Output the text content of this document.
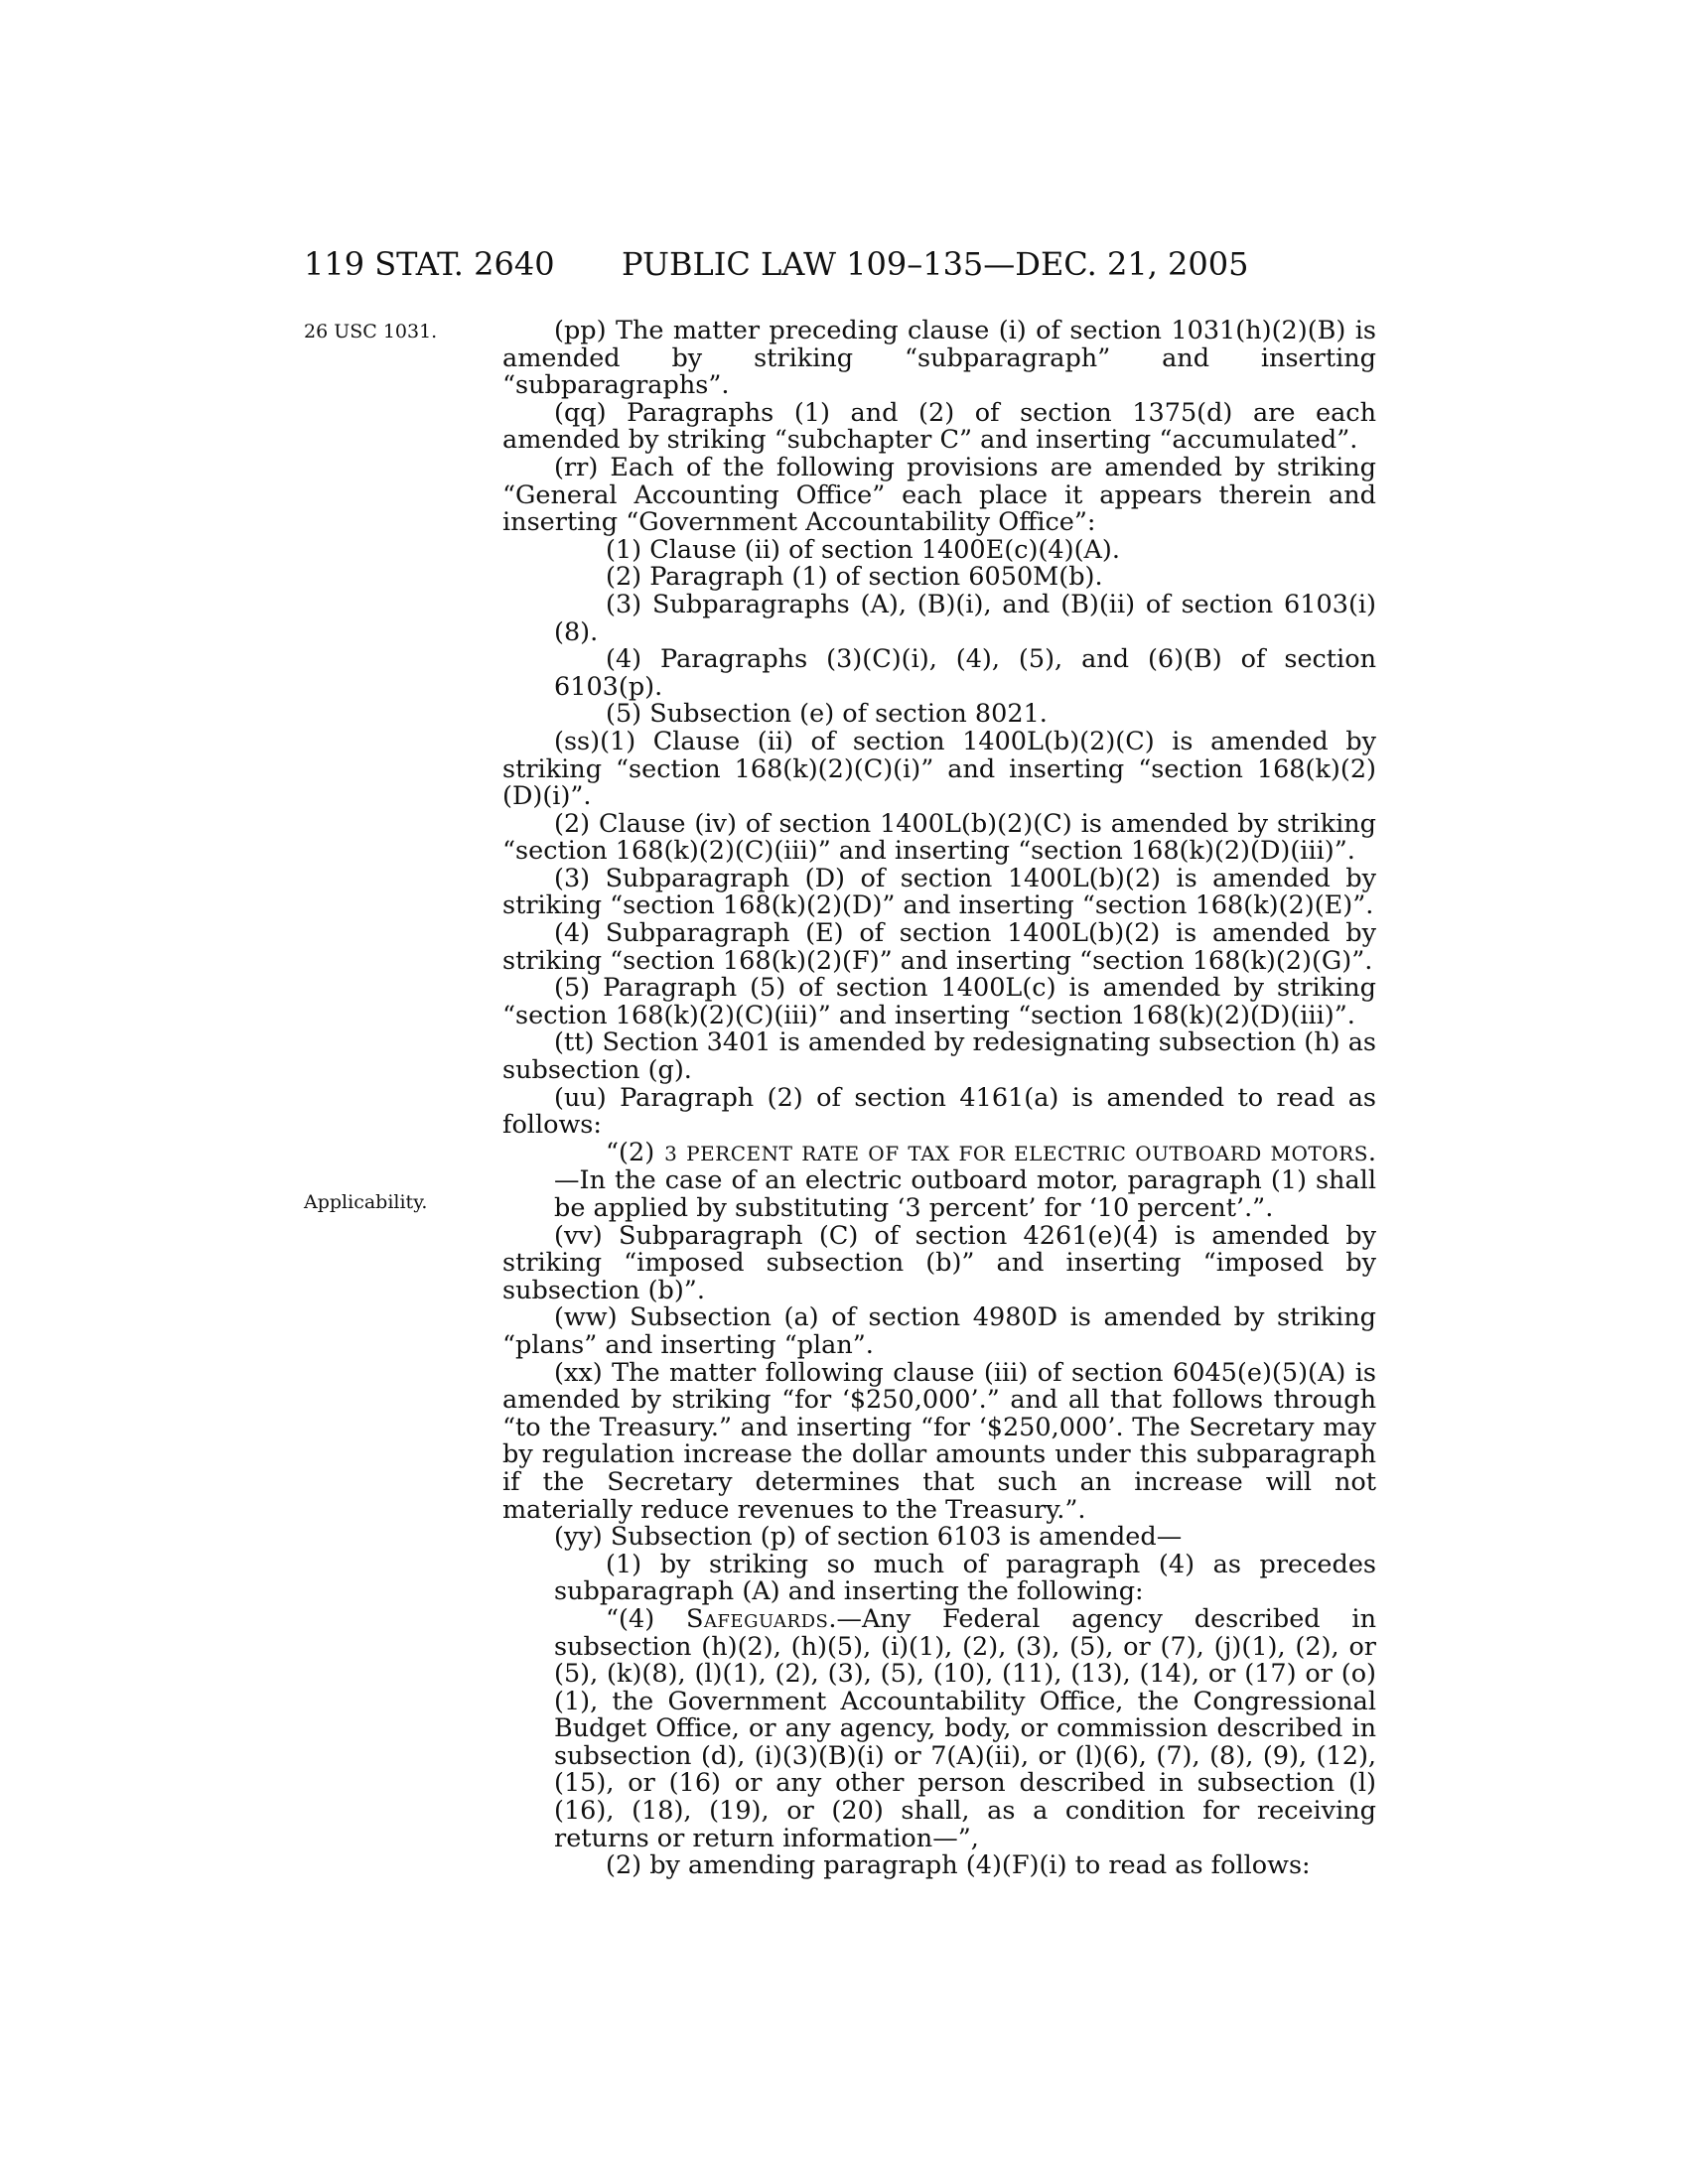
119 STAT. 2640 PUBLIC LAW 109–135—DEC. 21, 2005
26 USC 1031.
Applicability.

(pp) The matter preceding clause (i) of section 1031(h)(2)(B) is amended by striking “subparagraph” and inserting “subparagraphs”.

(qq) Paragraphs (1) and (2) of section 1375(d) are each amended by striking “subchapter C” and inserting “accumulated”.

(rr) Each of the following provisions are amended by striking “General Accounting Office” each place it appears therein and inserting “Government Accountability Office”:

(1) Clause (ii) of section 1400E(c)(4)(A).

(2) Paragraph (1) of section 6050M(b).

(3) Subparagraphs (A), (B)(i), and (B)(ii) of section 6103(i)(8).

(4) Paragraphs (3)(C)(i), (4), (5), and (6)(B) of section 6103(p).

(5) Subsection (e) of section 8021.

(ss)(1) Clause (ii) of section 1400L(b)(2)(C) is amended by striking “section 168(k)(2)(C)(i)” and inserting “section 168(k)(2)(D)(i)”.

(2) Clause (iv) of section 1400L(b)(2)(C) is amended by striking “section 168(k)(2)(C)(iii)” and inserting “section 168(k)(2)(D)(iii)”.

(3) Subparagraph (D) of section 1400L(b)(2) is amended by striking “section 168(k)(2)(D)” and inserting “section 168(k)(2)(E)”.

(4) Subparagraph (E) of section 1400L(b)(2) is amended by striking “section 168(k)(2)(F)” and inserting “section 168(k)(2)(G)”.

(5) Paragraph (5) of section 1400L(c) is amended by striking “section 168(k)(2)(C)(iii)” and inserting “section 168(k)(2)(D)(iii)”.

(tt) Section 3401 is amended by redesignating subsection (h) as subsection (g).

(uu) Paragraph (2) of section 4161(a) is amended to read as follows:

“(2) 3 PERCENT RATE OF TAX FOR ELECTRIC OUTBOARD MOTORS.—In the case of an electric outboard motor, paragraph (1) shall be applied by substituting ‘3 percent’ for ‘10 percent’.”.

(vv) Subparagraph (C) of section 4261(e)(4) is amended by striking “imposed subsection (b)” and inserting “imposed by subsection (b)”.

(ww) Subsection (a) of section 4980D is amended by striking “plans” and inserting “plan”.

(xx) The matter following clause (iii) of section 6045(e)(5)(A) is amended by striking “for ‘$250,000’.” and all that follows through “to the Treasury.” and inserting “for ‘$250,000’. The Secretary may by regulation increase the dollar amounts under this subparagraph if the Secretary determines that such an increase will not materially reduce revenues to the Treasury.”.

(yy) Subsection (p) of section 6103 is amended—

(1) by striking so much of paragraph (4) as precedes subparagraph (A) and inserting the following:

“(4) Safeguards.—Any Federal agency described in subsection (h)(2), (h)(5), (i)(1), (2), (3), (5), or (7), (j)(1), (2), or (5), (k)(8), (l)(1), (2), (3), (5), (10), (11), (13), (14), or (17) or (o)(1), the Government Accountability Office, the Congressional Budget Office, or any agency, body, or commission described in subsection (d), (i)(3)(B)(i) or 7(A)(ii), or (l)(6), (7), (8), (9), (12), (15), or (16) or any other person described in subsection (l)(16), (18), (19), or (20) shall, as a condition for receiving returns or return information—”,

(2) by amending paragraph (4)(F)(i) to read as follows:
